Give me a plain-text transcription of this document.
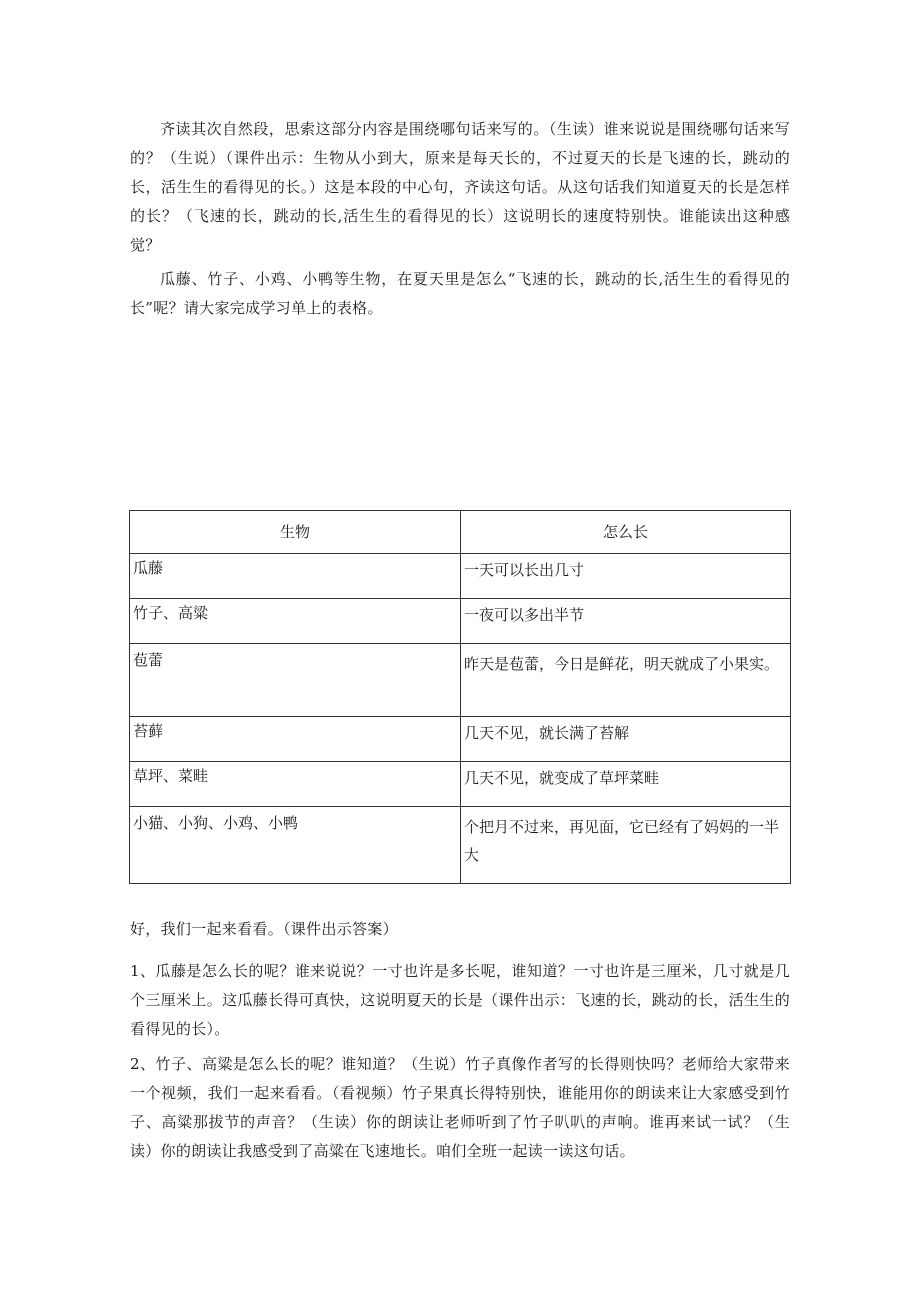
齐读其次自然段，思索这部分内容是围绕哪句话来写的。（生读）谁来说说是围绕哪句话来写的？（生说）（课件出示：生物从小到大，原来是每天长的，不过夏天的长是飞速的长，跳动的长，活生生的看得见的长。）这是本段的中心句，齐读这句话。从这句话我们知道夏天的长是怎样的长？（飞速的长，跳动的长,活生生的看得见的长）这说明长的速度特别快。谁能读出这种感觉？

瓜藤、竹子、小鸡、小鸭等生物，在夏天里是怎么“飞速的长，跳动的长,活生生的看得见的长”呢？请大家完成学习单上的表格。

生物	怎么长
瓜藤	一天可以长出几寸
竹子、高粱	一夜可以多出半节
苞蕾	昨天是苞蕾，今日是鲜花，明天就成了小果实。
苔藓	几天不见，就长满了苔解
草坪、菜畦	几天不见，就变成了草坪菜畦
小猫、小狗、小鸡、小鸭	个把月不过来，再见面，它已经有了妈妈的一半大

好，我们一起来看看。（课件出示答案）

1、瓜藤是怎么长的呢？谁来说说？一寸也许是多长呢，谁知道？一寸也许是三厘米，几寸就是几个三厘米上。这瓜藤长得可真快，这说明夏天的长是（课件出示：飞速的长，跳动的长，活生生的看得见的长）。

2、竹子、高粱是怎么长的呢？谁知道？（生说）竹子真像作者写的长得则快吗？老师给大家带来一个视频，我们一起来看看。（看视频）竹子果真长得特别快，谁能用你的朗读来让大家感受到竹子、高粱那拔节的声音？（生读）你的朗读让老师听到了竹子叭叭的声响。谁再来试一试？（生读）你的朗读让我感受到了高粱在飞速地长。咱们全班一起读一读这句话。
